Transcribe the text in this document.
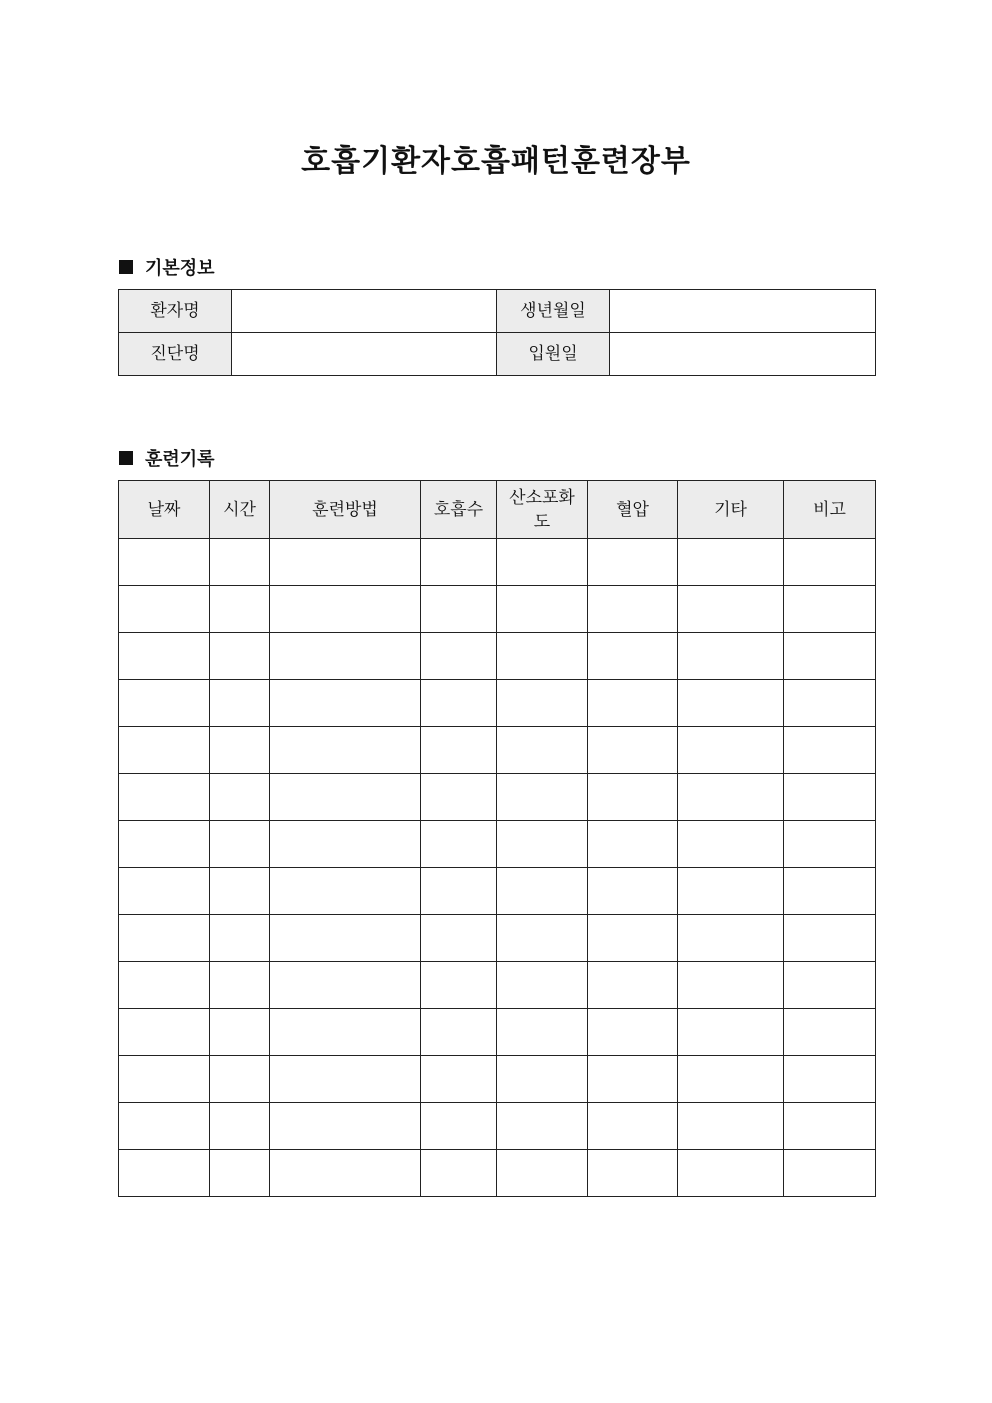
호흡기환자호흡패턴훈련장부
기본정보
환자명		생년월일	
진단명		입원일	
훈련기록
날짜	시간	훈련방법	호흡수	산소포화도	혈압	기타	비고
